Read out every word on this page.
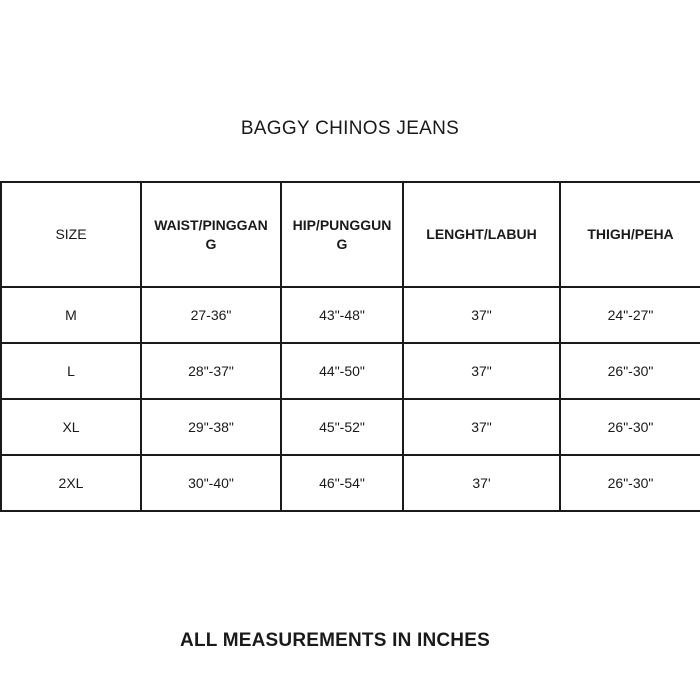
BAGGY CHINOS JEANS
SIZE	WAIST/PINGGANG	HIP/PUNGGUNG	LENGHT/LABUH	THIGH/PEHA
M	27-36"	43"-48"	37"	24"-27"
L	28"-37"	44"-50"	37"	26"-30"
XL	29"-38"	45"-52"	37"	26"-30"
2XL	30"-40"	46"-54"	37'	26"-30"
ALL MEASUREMENTS IN INCHES
